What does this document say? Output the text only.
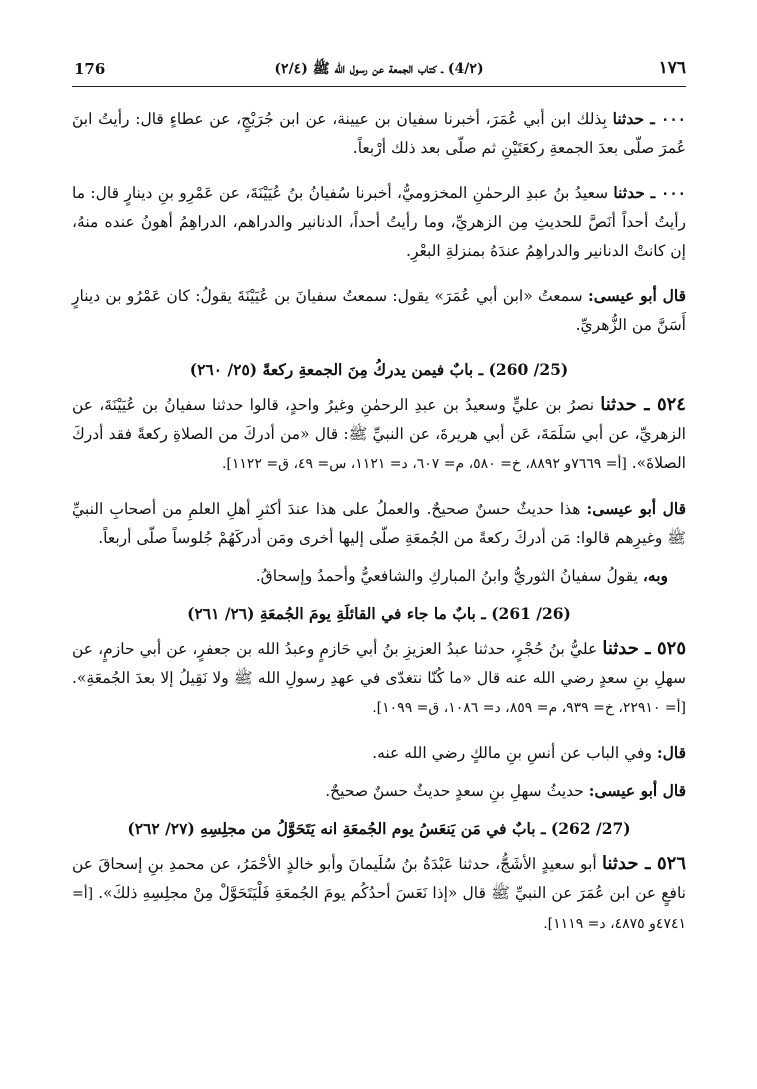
176	(٢/4) ـ كتاب الجمعة عن رسول الله ﷺ (٢/٤)	١٧٦

٠٠٠ ـ حدثنا بِذلك ابن أبي عُمَرَ، أخبرنا سفيان بن عيينة، عن ابن جُرَيْجٍ، عن عطاءٍ قال: رأيتُ ابنَ عُمرَ صلّى بعدَ الجمعةِ ركعَتَيْنِ ثم صلّى بعد ذلك أرْبعاً.

٠٠٠ ـ حدثنا سعيدُ بنُ عبدِ الرحمٰنِ المخزوميُّ، أخبرنا سُفيانُ بنُ عُيَيْنَةَ، عن عَمْرِو بنِ دينارٍ قال: ما رأيتُ أحداً أنَصَّ للحديثِ مِن الزهريِّ، وما رأيتُ أحداً، الدنانير والدراهم، الدراهِمُ أهونُ عنده منهُ، إن كانتْ الدنانير والدراهِمُ عندَهُ بمنزلةِ البعْرِ.

قال أبو عيسى: سمعتُ «ابن أبي عُمَرَ» يقول: سمعتُ سفيانَ بن عُيَيْنَةَ يقولُ: كان عَمْرُو بن دينارٍ أَسَنَّ من الزُّهريِّ.

(25/ 260) ـ بابٌ فيمن يدركُ مِنَ الجمعةِ ركعةً (٢٥/ ٢٦٠)

٥٢٤ ـ حدثنا نصرُ بن عليٍّ وسعيدُ بن عبدِ الرحمٰنِ وغيرُ واحدٍ، قالوا حدثنا سفيانُ بن عُيَيْنَةَ، عن الزهريِّ، عن أبي سَلَمَةَ، عَن أبي هريرةَ، عن النبيِّ ﷺ: قال «من أدركَ من الصلاةِ ركعةً فقد أدركَ الصلاةَ». [أ= ٧٦٦٩و ٨٨٩٢، خ= ٥٨٠، م= ٦٠٧، د= ١١٢١، س= ٤٩، ق= ١١٢٢].

قال أبو عيسى: هذا حديثٌ حسنٌ صحيحٌ. والعملُ على هذا عندَ أكثرِ أهلِ العلمِ من أصحابِ النبيِّ ﷺ وغيرِهم قالوا: مَن أدركَ ركعةً من الجُمعَةِ صلّى إليها أخرى ومَن أدركَهُمْ جُلوساً صلّى أربعاً.

وبه، يقولُ سفيانُ الثوريُّ وابنُ المباركِ والشافعيُّ وأحمدُ وإسحاقُ.

(26/ 261) ـ بابٌ ما جاء في القائلَةِ يومَ الجُمعَةِ (٢٦/ ٢٦١)

٥٢٥ ـ حدثنا عليُّ بنُ حُجْرٍ، حدثنا عبدُ العزيزِ بنُ أبي حَازمٍ وعبدُ الله بن جعفرٍ، عن أبي حازمٍ، عن سهلِ بنِ سعدٍ رضي الله عنه قال «ما كُنّا نتغدّى في عهدِ رسولِ الله ﷺ ولا نَقِيلُ إلا بعدَ الجُمعَةِ». [أ= ٢٢٩١٠، خ= ٩٣٩، م= ٨٥٩، د= ١٠٨٦، ق= ١٠٩٩].

قال: وفي الباب عن أنسِ بنِ مالكٍ رضي الله عنه.

قال أبو عيسى: حديثُ سهلِ بنِ سعدٍ حديثٌ حسنٌ صحيحٌ.

(27/ 262) ـ بابٌ في مَن يَنعَسُ يوم الجُمعَةِ انه يَتَحَوَّلُ من مجلِسِهِ (٢٧/ ٢٦٢)

٥٢٦ ـ حدثنا أبو سعيدٍ الأشَجُّ، حدثنا عَبْدَةُ بنُ سُلَيمانَ وأبو خالدٍ الأحْمَرُ، عن محمدِ بنِ إسحاقَ عن نافعٍ عن ابن عُمَرَ عن النبيِّ ﷺ قال «إذا نَعَسَ أحدُكُم يومَ الجُمعَةِ فَلْيَتَحَوَّلْ مِنْ مجلِسِهِ ذلكَ». [أ= ٤٧٤١و ٤٨٧٥، د= ١١١٩].
